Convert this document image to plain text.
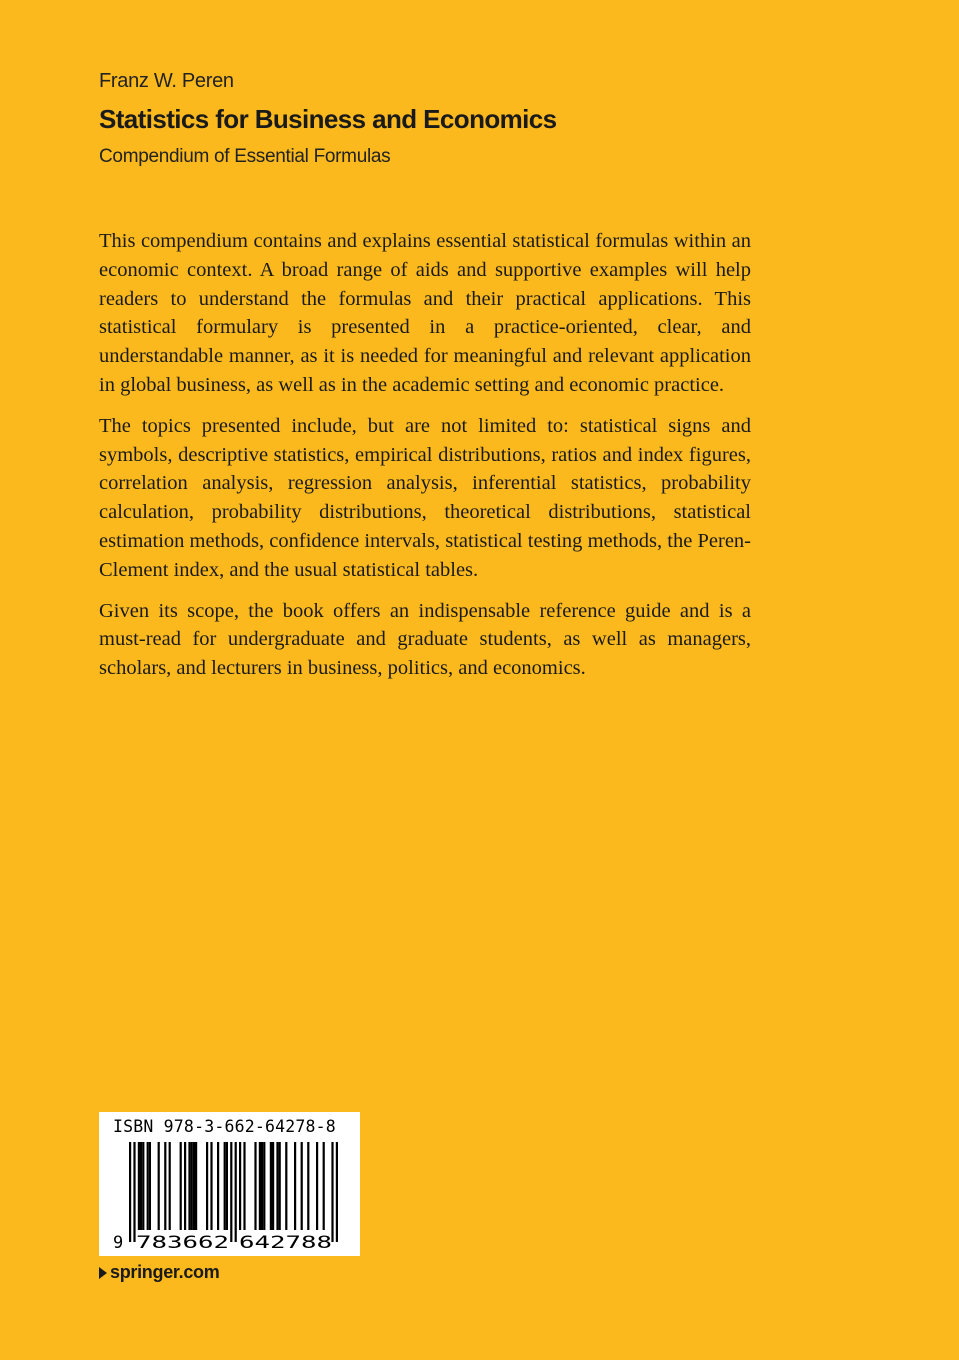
Franz W. Peren
Statistics for Business and Economics
Compendium of Essential Formulas

This compendium contains and explains essential statistical formulas within an economic context. A broad range of aids and supportive examples will help readers to understand the formulas and their practical applications. This statistical formulary is presented in a practice-oriented, clear, and understandable manner, as it is needed for meaningful and relevant application in global business, as well as in the academic setting and economic practice.

The topics presented include, but are not limited to: statistical signs and symbols, descriptive statistics, empirical distributions, ratios and index figures, correlation analysis, regression analysis, inferential statistics, probability calculation, probability distributions, theoretical distributions, statistical estimation methods, confidence intervals, statistical testing methods, the Peren-Clement index, and the usual statistical tables.

Given its scope, the book offers an indispensable reference guide and is a must-read for undergraduate and graduate students, as well as managers, scholars, and lecturers in business, politics, and economics.

9 783662 642788
ISBN 978-3-662-64278-8
springer.com
